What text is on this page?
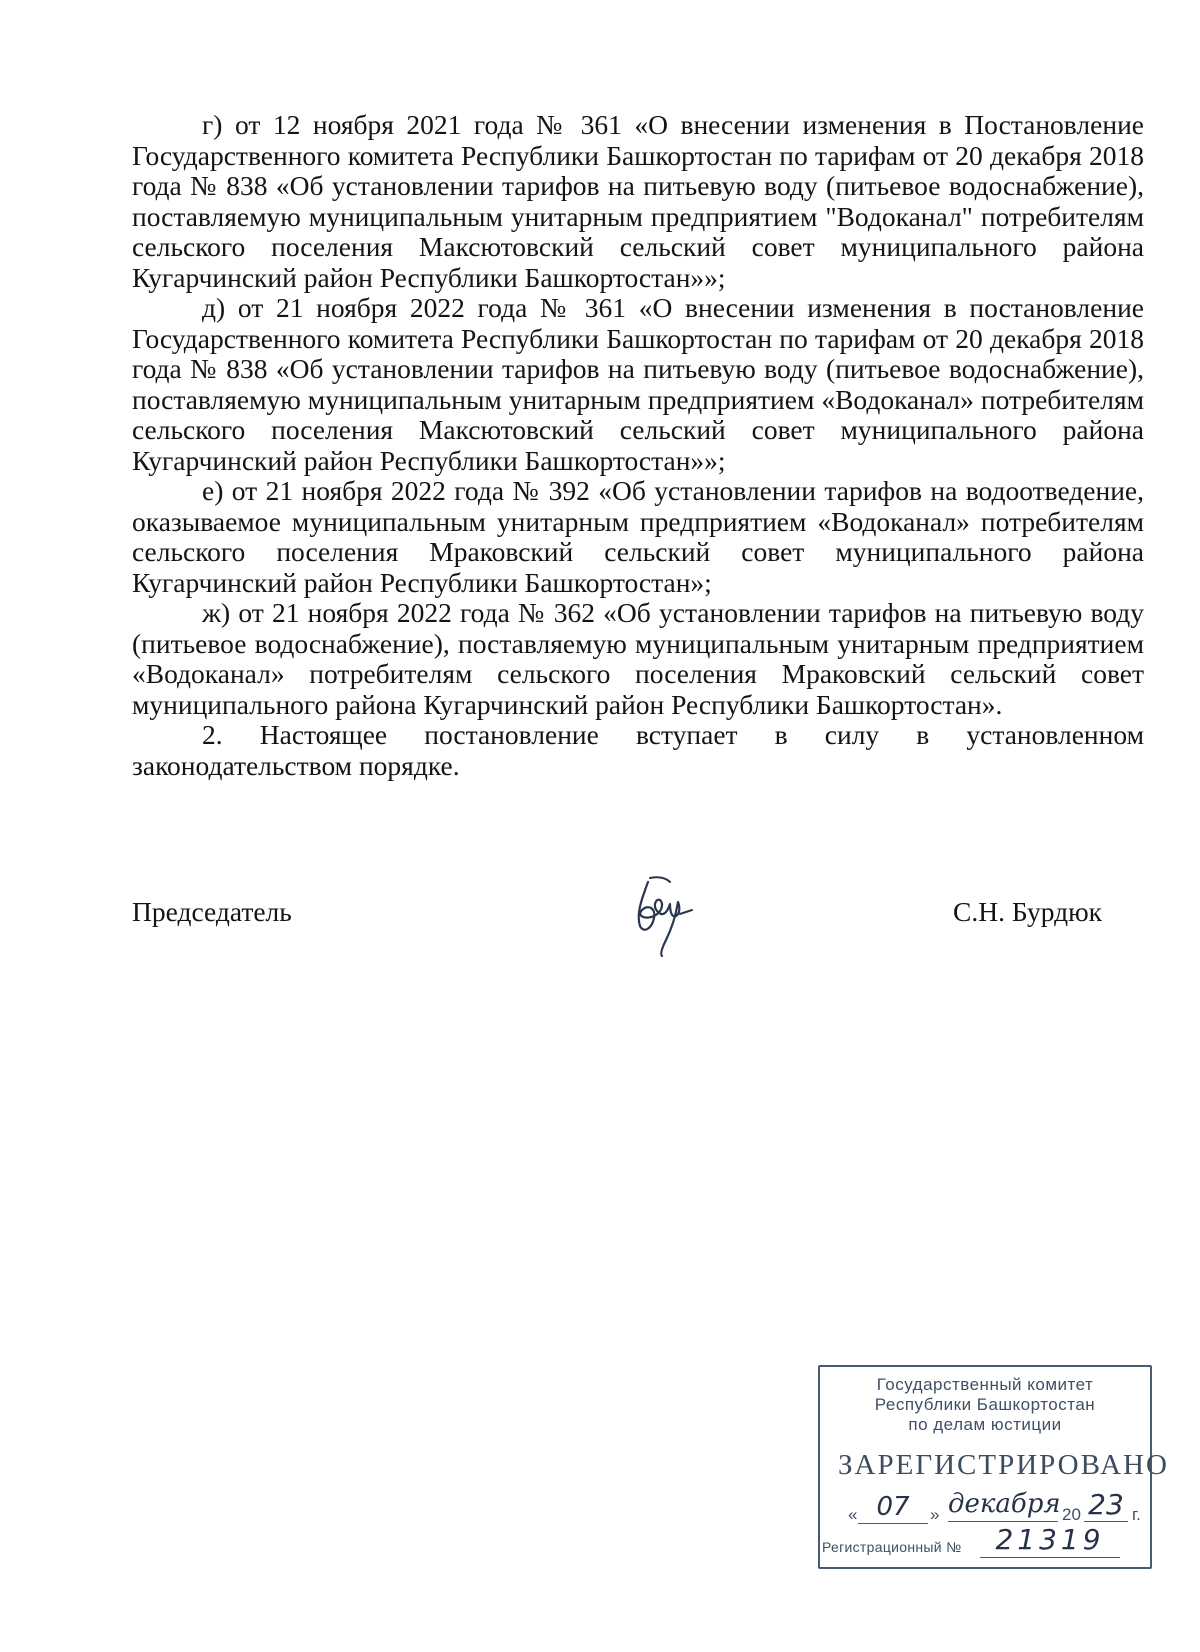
г) от 12 ноября 2021 года № 361 «О внесении изменения в Постановление Государственного комитета Республики Башкортостан по тарифам от 20 декабря 2018 года № 838 «Об установлении тарифов на питьевую воду (питьевое водоснабжение), поставляемую муниципальным унитарным предприятием "Водоканал" потребителям сельского поселения Максютовский сельский совет муниципального района Кугарчинский район Республики Башкортостан»»;

д) от 21 ноября 2022 года № 361 «О внесении изменения в постановление Государственного комитета Республики Башкортостан по тарифам от 20 декабря 2018 года № 838 «Об установлении тарифов на питьевую воду (питьевое водоснабжение), поставляемую муниципальным унитарным предприятием «Водоканал» потребителям сельского поселения Максютовский сельский совет муниципального района Кугарчинский район Республики Башкортостан»»;

е) от 21 ноября 2022 года № 392 «Об установлении тарифов на водоотведение, оказываемое муниципальным унитарным предприятием «Водоканал» потребителям сельского поселения Мраковский сельский совет муниципального района Кугарчинский район Республики Башкортостан»;

ж) от 21 ноября 2022 года № 362 «Об установлении тарифов на питьевую воду (питьевое водоснабжение), поставляемую муниципальным унитарным предприятием «Водоканал» потребителям сельского поселения Мраковский сельский совет муниципального района Кугарчинский район Республики Башкортостан».

2. Настоящее постановление вступает в силу в установленном законодательством порядке.

Председатель	С.Н. Бурдюк
Государственный комитет
Республики Башкортостан
по делам юстиции
ЗАРЕГИСТРИРОВАНО
« 07	» декабря 20 23 г.
Регистрационный №	21319
